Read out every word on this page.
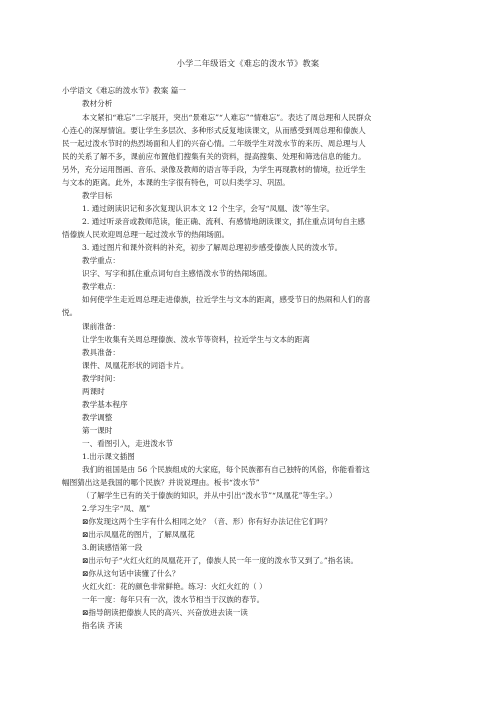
小学二年级语文《难忘的泼水节》教案
小学语文《难忘的泼水节》教案 篇一
教材分析
本文紧扣“难忘”二字展开，突出“景难忘”“人难忘”“情难忘”。表达了周总理和人民群众
心连心的深厚情谊。要让学生多层次、多种形式反复地读课文，从而感受到周总理和傣族人
民一起过泼水节时的热烈场面和人们的兴奋心情。二年级学生对泼水节的来历、周总理与人
民的关系了解不多，课前应布置他们搜集有关的资料，提高搜集、处理和筛选信息的能力。
另外，充分运用图画、音乐、录像及教师的语言等手段，为学生再现教材的情境，拉近学生
与文本的距离。此外，本课的生字很有特色，可以归类学习、巩固。
教学目标
1. 通过朗读识记和多次复现认识本文 12 个生字，会写“凤凰、泼”等生字。
2. 通过听录音或教师范读，能正确、流利、有感情地朗读课文，抓住重点词句自主感
悟傣族人民欢迎周总理一起过泼水节的热闹场面。
3. 通过图片和课外资料的补充，初步了解周总理初步感受傣族人民的泼水节。
教学重点：
识字、写字和抓住重点词句自主感悟泼水节的热闹场面。
教学难点：
如何使学生走近周总理走进傣族，拉近学生与文本的距离，感受节日的热闹和人们的喜
悦。
课前准备：
让学生收集有关周总理傣族、泼水节等资料，拉近学生与文本的距离
教具准备：
课件、凤凰花形状的词语卡片。
教学时间：
两课时
教学基本程序
教学调整
第一课时
一、看图引入，走进泼水节
1.出示课文插图
我们的祖国是由 56 个民族组成的大家庭，每个民族都有自己独特的风俗，你能看着这
幅图猜出这是我国的哪个民族？并说说理由。板书“泼水节”
（了解学生已有的关于傣族的知识，并从中引出“泼水节”“凤凰花”等生字。）
2.学习生字“凤、凰”
⊠你发现这两个生字有什么相同之处？（音、形）你有好办法记住它们吗？
⊠出示凤凰花的图片，了解凤凰花
3.朗读感悟第一段
⊠出示句子“火红火红的凤凰花开了，傣族人民一年一度的泼水节又到了。”指名读。
⊠你从这句话中读懂了什么？
火红火红：花的颜色非常鲜艳。练习：火红火红的（ ）
一年一度：每年只有一次，泼水节相当于汉族的春节。
⊠指导朗读把傣族人民的高兴、兴奋放进去读一读
指名读 齐读
